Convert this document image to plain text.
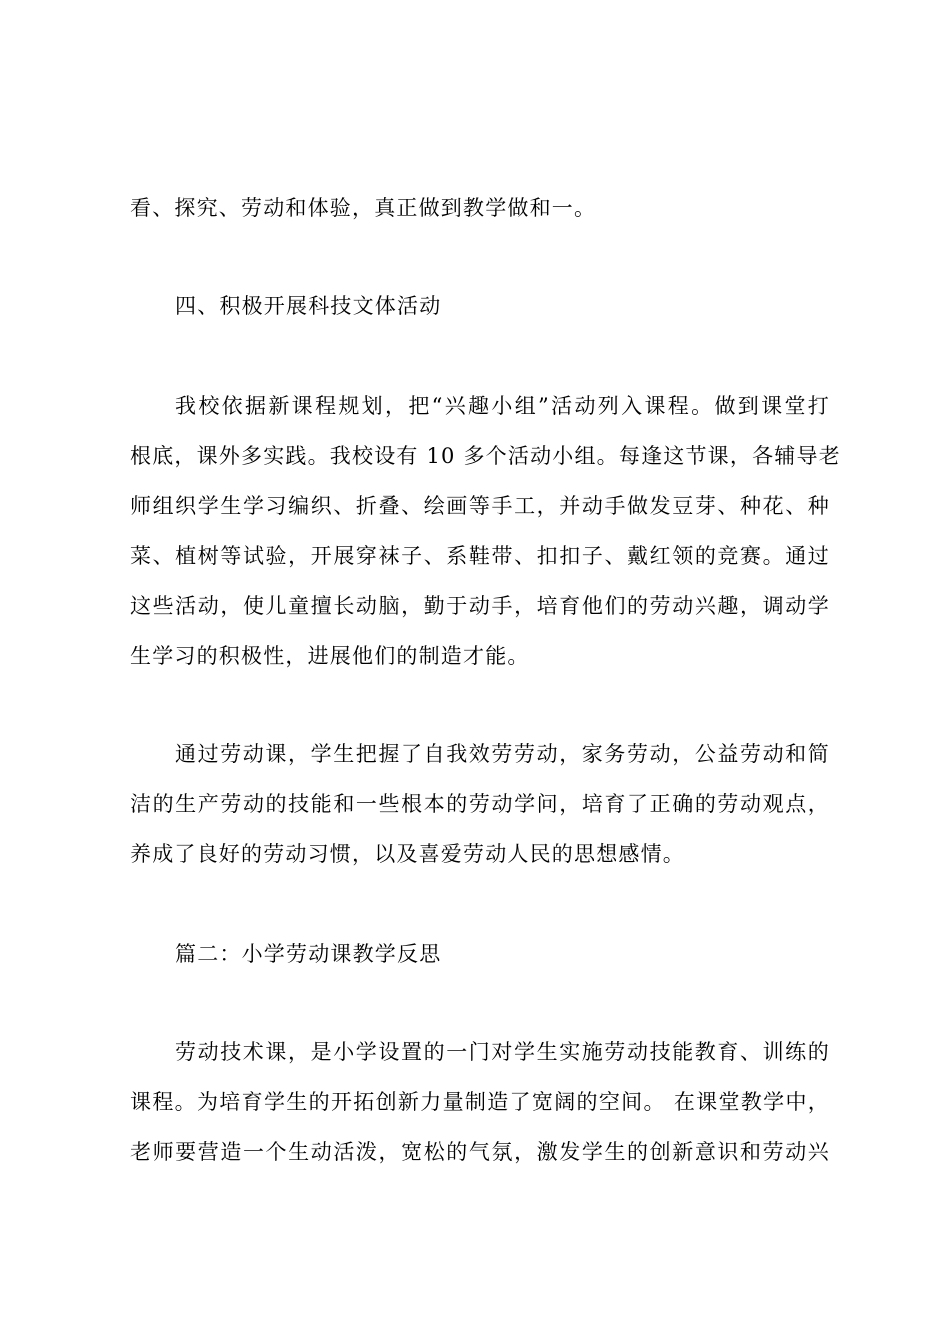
看、探究、劳动和体验，真正做到教学做和一。
四、积极开展科技文体活动
我校依据新课程规划，把“兴趣小组”活动列入课程。做到课堂打
根底，课外多实践。我校设有 10 多个活动小组。每逢这节课，各辅导老
师组织学生学习编织、折叠、绘画等手工，并动手做发豆芽、种花、种
菜、植树等试验，开展穿袜子、系鞋带、扣扣子、戴红领的竞赛。通过
这些活动，使儿童擅长动脑，勤于动手，培育他们的劳动兴趣，调动学
生学习的积极性，进展他们的制造才能。
通过劳动课，学生把握了自我效劳劳动，家务劳动，公益劳动和简
洁的生产劳动的技能和一些根本的劳动学问，培育了正确的劳动观点，
养成了良好的劳动习惯，以及喜爱劳动人民的思想感情。
篇二：小学劳动课教学反思
劳动技术课，是小学设置的一门对学生实施劳动技能教育、训练的
课程。为培育学生的开拓创新力量制造了宽阔的空间。 在课堂教学中，
老师要营造一个生动活泼，宽松的气氛，激发学生的创新意识和劳动兴
